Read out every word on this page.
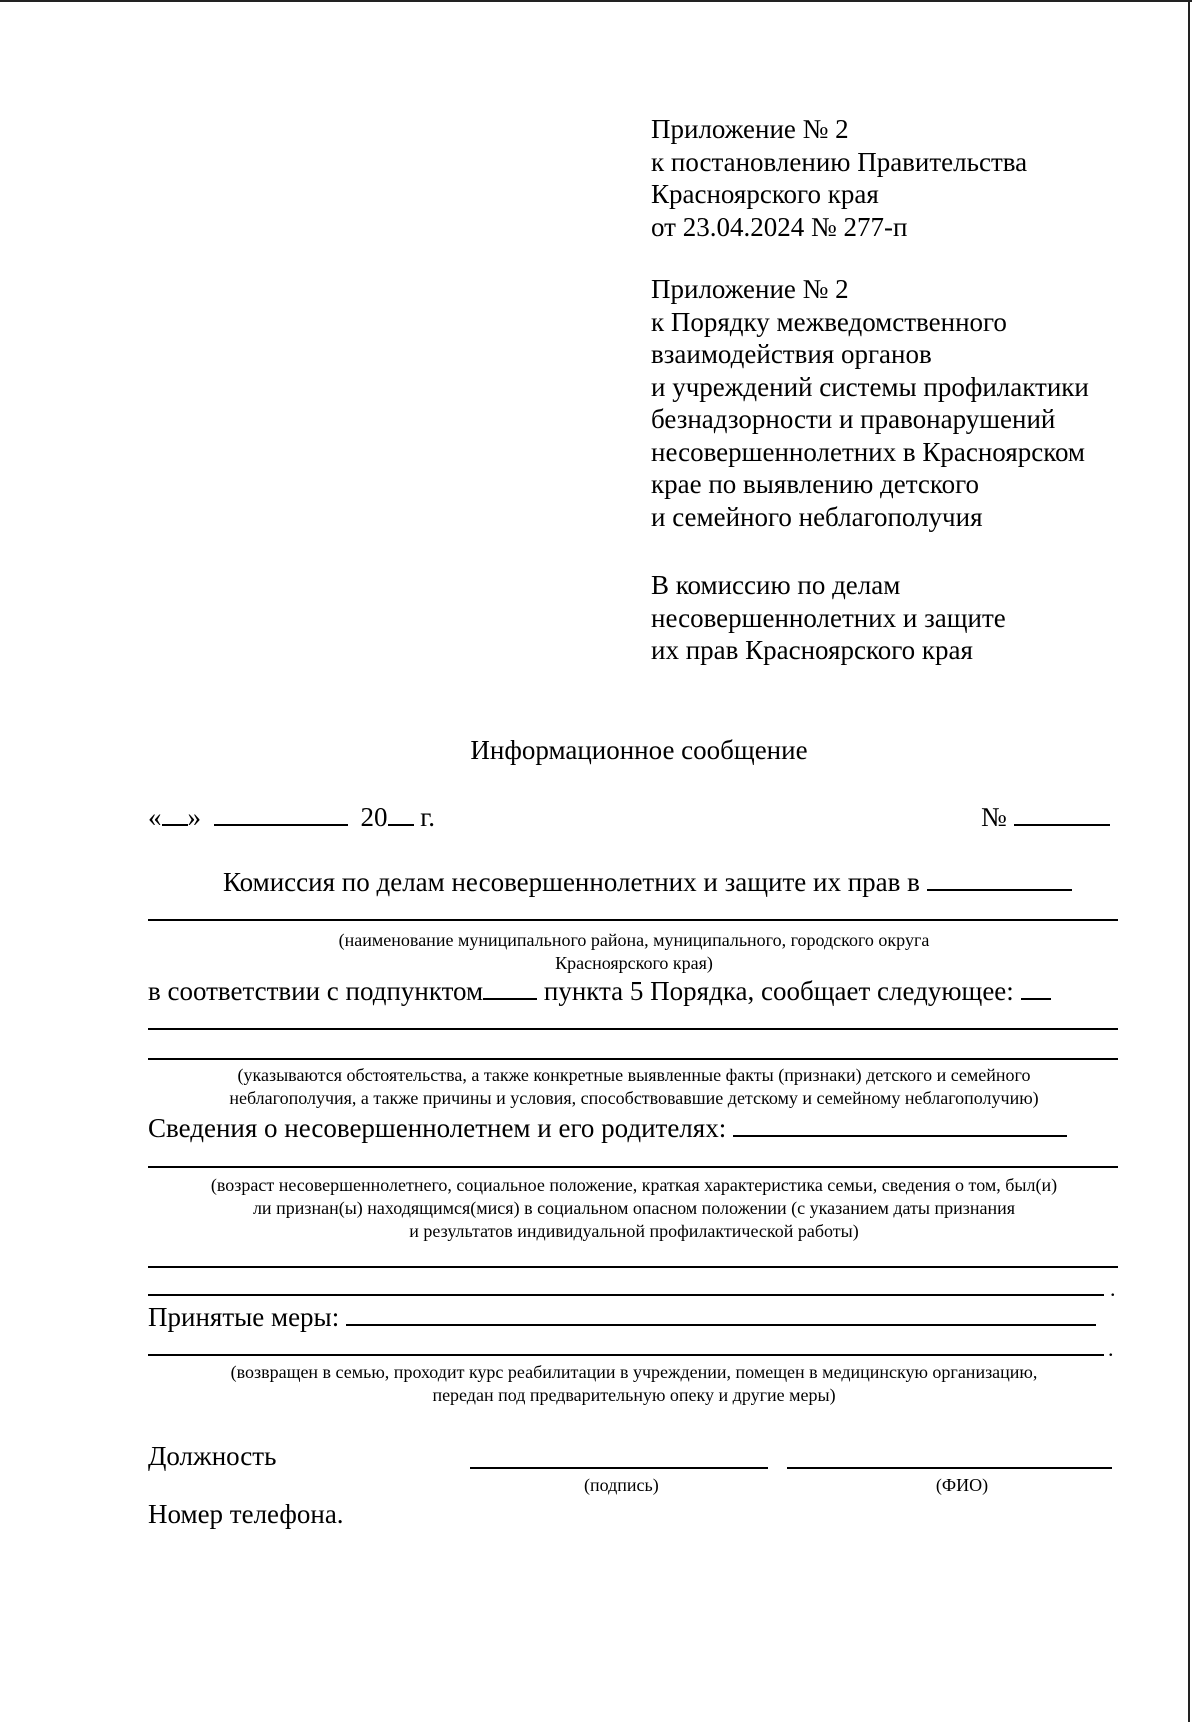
Приложение № 2
к постановлению Правительства
Красноярского края
от 23.04.2024 № 277-п
Приложение № 2
к Порядку межведомственного
взаимодействия органов
и учреждений системы профилактики
безнадзорности и правонарушений
несовершеннолетних в Красноярском
крае по выявлению детского
и семейного неблагополучия
В комиссию по делам
несовершеннолетних и защите
их прав Красноярского края
Информационное сообщение
« »	20 г.	№
Комиссия по делам несовершеннолетних и защите их прав в
(наименование муниципального района, муниципального, городского округа
Красноярского края)
в соответствии с подпунктом пункта 5 Порядка, сообщает следующее:
(указываются обстоятельства, а также конкретные выявленные факты (признаки) детского и семейного
неблагополучия, а также причины и условия, способствовавшие детскому и семейному неблагополучию)
Сведения о несовершеннолетнем и его родителях:
(возраст несовершеннолетнего, социальное положение, краткая характеристика семьи, сведения о том, был(и)
ли признан(ы) находящимся(мися) в социальном опасном положении (с указанием даты признания
и результатов индивидуальной профилактической работы)
.
Принятые меры:
.
(возвращен в семью, проходит курс реабилитации в учреждении, помещен в медицинскую организацию,
передан под предварительную опеку и другие меры)
Должность
(подпись)	(ФИО)
Номер телефона.
